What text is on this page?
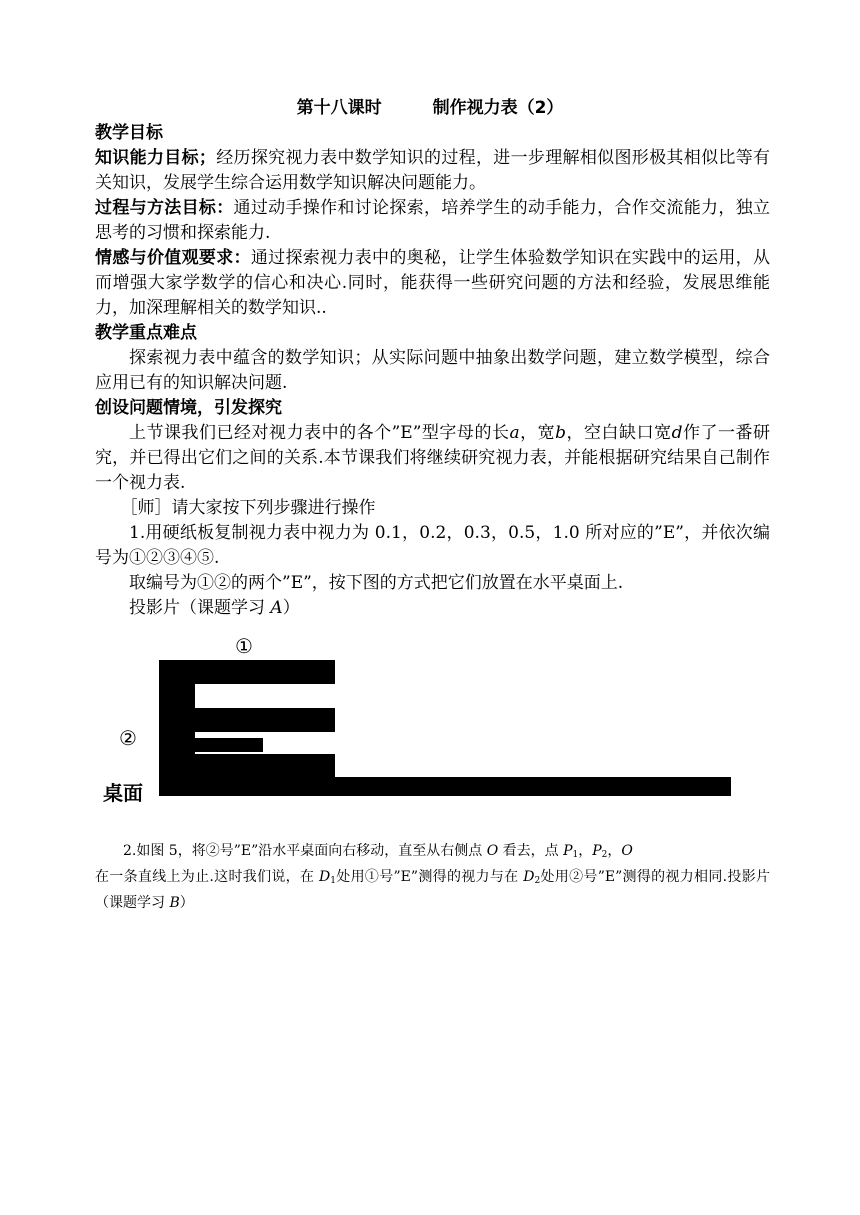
第十八课时　　　制作视力表（2）
教学目标

知识能力目标；经历探究视力表中数学知识的过程，进一步理解相似图形极其相似比等有关知识，发展学生综合运用数学知识解决问题能力。

过程与方法目标：通过动手操作和讨论探索，培养学生的动手能力，合作交流能力，独立思考的习惯和探索能力.

情感与价值观要求：通过探索视力表中的奥秘，让学生体验数学知识在实践中的运用，从而增强大家学数学的信心和决心.同时，能获得一些研究问题的方法和经验，发展思维能力，加深理解相关的数学知识..

教学重点难点

探索视力表中蕴含的数学知识；从实际问题中抽象出数学问题，建立数学模型，综合应用已有的知识解决问题.

创设问题情境，引发探究

上节课我们已经对视力表中的各个”E”型字母的长a，宽b，空白缺口宽d作了一番研究，并已得出它们之间的关系.本节课我们将继续研究视力表，并能根据研究结果自己制作一个视力表.

［师］请大家按下列步骤进行操作

1.用硬纸板复制视力表中视力为 0.1，0.2，0.3，0.5，1.0 所对应的”E”，并依次编号为①②③④⑤.

取编号为①②的两个”E”，按下图的方式把它们放置在水平桌面上.

投影片（课题学习 A）

①
②
桌面
2.如图 5，将②号”E”沿水平桌面向右移动，直至从右侧点 O 看去，点 $P_1$，$P_2$，O
在一条直线上为止.这时我们说，在 $D_1$处用①号”E”测得的视力与在 $D_2$处用②号”E”测得的视力相同.投影片（课题学习 B）
